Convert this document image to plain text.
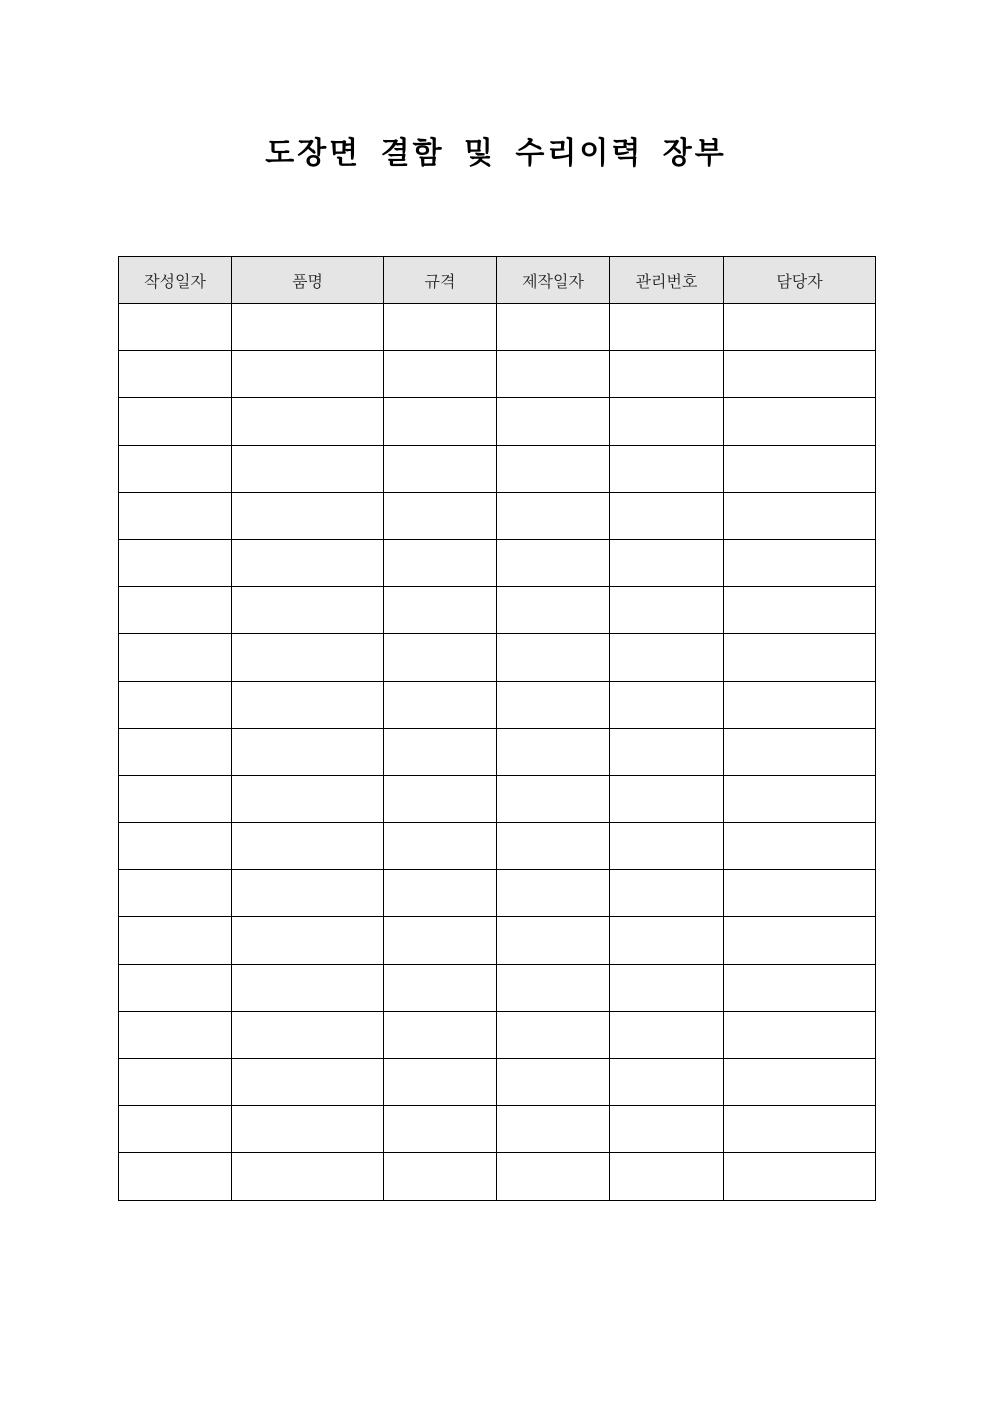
도장면 결함 및 수리이력 장부
작성일자	품명	규격	제작일자	관리번호	담당자
